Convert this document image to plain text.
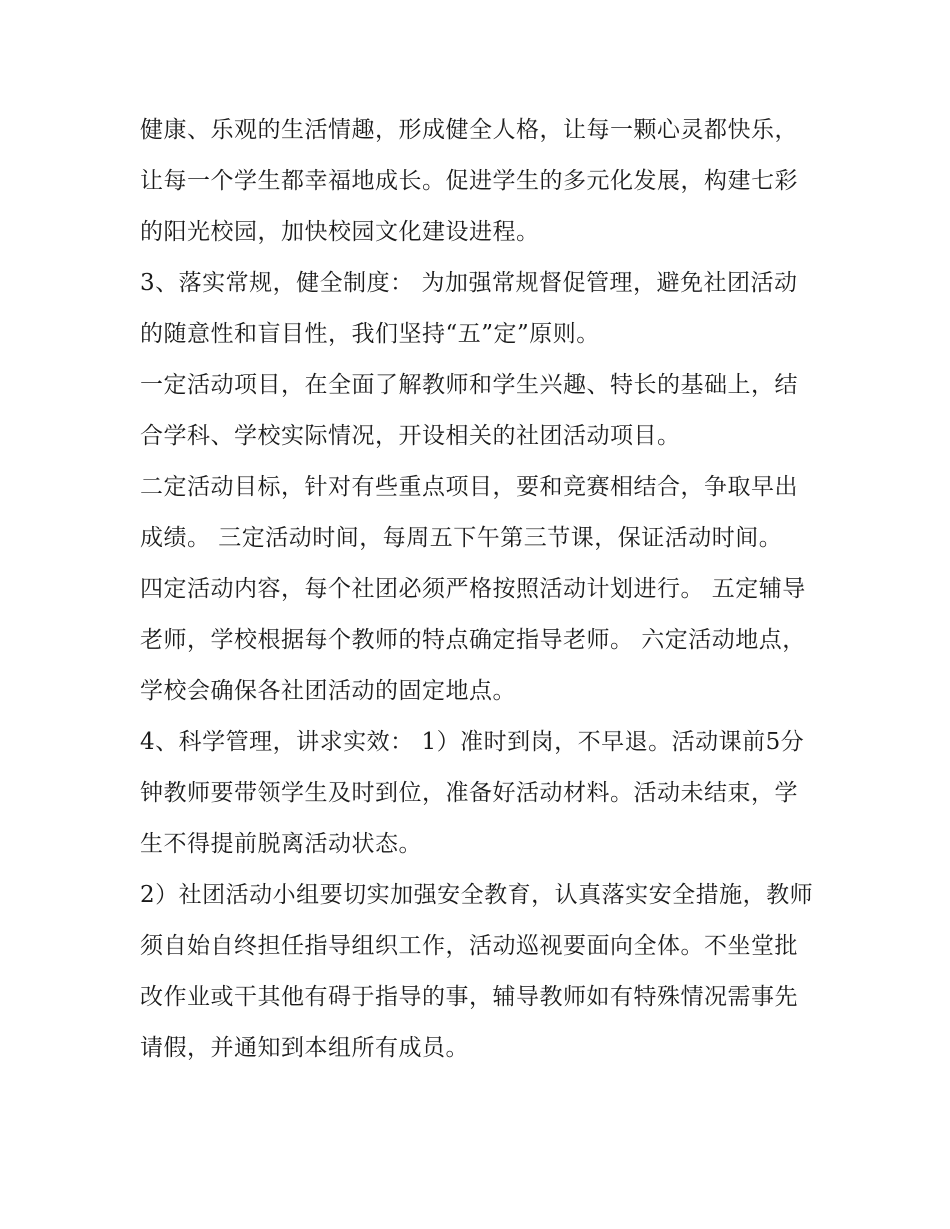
健康、乐观的生活情趣，形成健全人格，让每一颗心灵都快乐，让每一个学生都幸福地成长。促进学生的多元化发展，构建七彩的阳光校园，加快校园文化建设进程。

3、落实常规，健全制度： 为加强常规督促管理，避免社团活动的随意性和盲目性，我们坚持“五”定”原则。

一定活动项目，在全面了解教师和学生兴趣、特长的基础上，结合学科、学校实际情况，开设相关的社团活动项目。

二定活动目标，针对有些重点项目，要和竞赛相结合，争取早出成绩。 三定活动时间，每周五下午第三节课，保证活动时间。

四定活动内容，每个社团必须严格按照活动计划进行。 五定辅导老师，学校根据每个教师的特点确定指导老师。 六定活动地点，学校会确保各社团活动的固定地点。

4、科学管理，讲求实效： 1）准时到岗，不早退。活动课前5分钟教师要带领学生及时到位，准备好活动材料。活动未结束，学生不得提前脱离活动状态。

2）社团活动小组要切实加强安全教育，认真落实安全措施，教师须自始自终担任指导组织工作，活动巡视要面向全体。不坐堂批改作业或干其他有碍于指导的事，辅导教师如有特殊情况需事先请假，并通知到本组所有成员。
